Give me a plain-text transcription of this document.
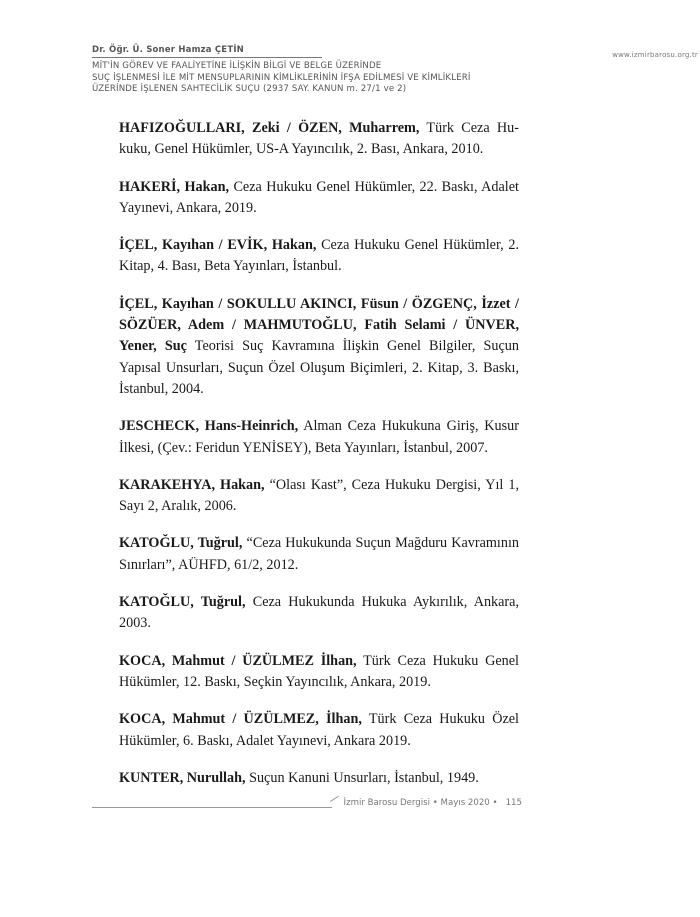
Dr. Öğr. Ü. Soner Hamza ÇETİN
MİT'İN GÖREV VE FAALİYETİNE İLİŞKİN BİLGİ VE BELGE ÜZERİNDE
SUÇ İŞLENMESİ İLE MİT MENSUPLARININ KİMLİKLERİNİN İFŞA EDİLMESİ VE KİMLİKLERİ
ÜZERİNDE İŞLENEN SAHTECİLİK SUÇU (2937 SAY. KANUN m. 27/1 ve 2)
www.izmirbarosu.org.tr

HAFIZOĞULLARI, Zeki / ÖZEN, Muharrem, Türk Ceza Hukuku, Genel Hükümler, US-A Yayıncılık, 2. Bası, Ankara, 2010.

HAKERİ, Hakan, Ceza Hukuku Genel Hükümler, 22. Baskı, Adalet Yayınevi, Ankara, 2019.

İÇEL, Kayıhan / EVİK, Hakan, Ceza Hukuku Genel Hükümler, 2. Kitap, 4. Bası, Beta Yayınları, İstanbul.

İÇEL, Kayıhan / SOKULLU AKINCI, Füsun / ÖZGENÇ, İzzet / SÖZÜER, Adem / MAHMUTOĞLU, Fatih Selami / ÜNVER, Yener, Suç Teorisi Suç Kavramına İlişkin Genel Bilgiler, Suçun Yapısal Unsurları, Suçun Özel Oluşum Biçimleri, 2. Kitap, 3. Baskı, İstanbul, 2004.

JESCHECK, Hans-Heinrich, Alman Ceza Hukukuna Giriş, Kusur İlkesi, (Çev.: Feridun YENİSEY), Beta Yayınları, İstanbul, 2007.

KARAKEHYA, Hakan, “Olası Kast”, Ceza Hukuku Dergisi, Yıl 1, Sayı 2, Aralık, 2006.

KATOĞLU, Tuğrul, “Ceza Hukukunda Suçun Mağduru Kavramının Sınırları”, AÜHFD, 61/2, 2012.

KATOĞLU, Tuğrul, Ceza Hukukunda Hukuka Aykırılık, Ankara, 2003.

KOCA, Mahmut / ÜZÜLMEZ İlhan, Türk Ceza Hukuku Genel Hükümler, 12. Baskı, Seçkin Yayıncılık, Ankara, 2019.

KOCA, Mahmut / ÜZÜLMEZ, İlhan, Türk Ceza Hukuku Özel Hükümler, 6. Baskı, Adalet Yayınevi, Ankara 2019.

KUNTER, Nurullah, Suçun Kanuni Unsurları, İstanbul, 1949.

İzmir Barosu Dergisi • Mayıs 2020 • 115
